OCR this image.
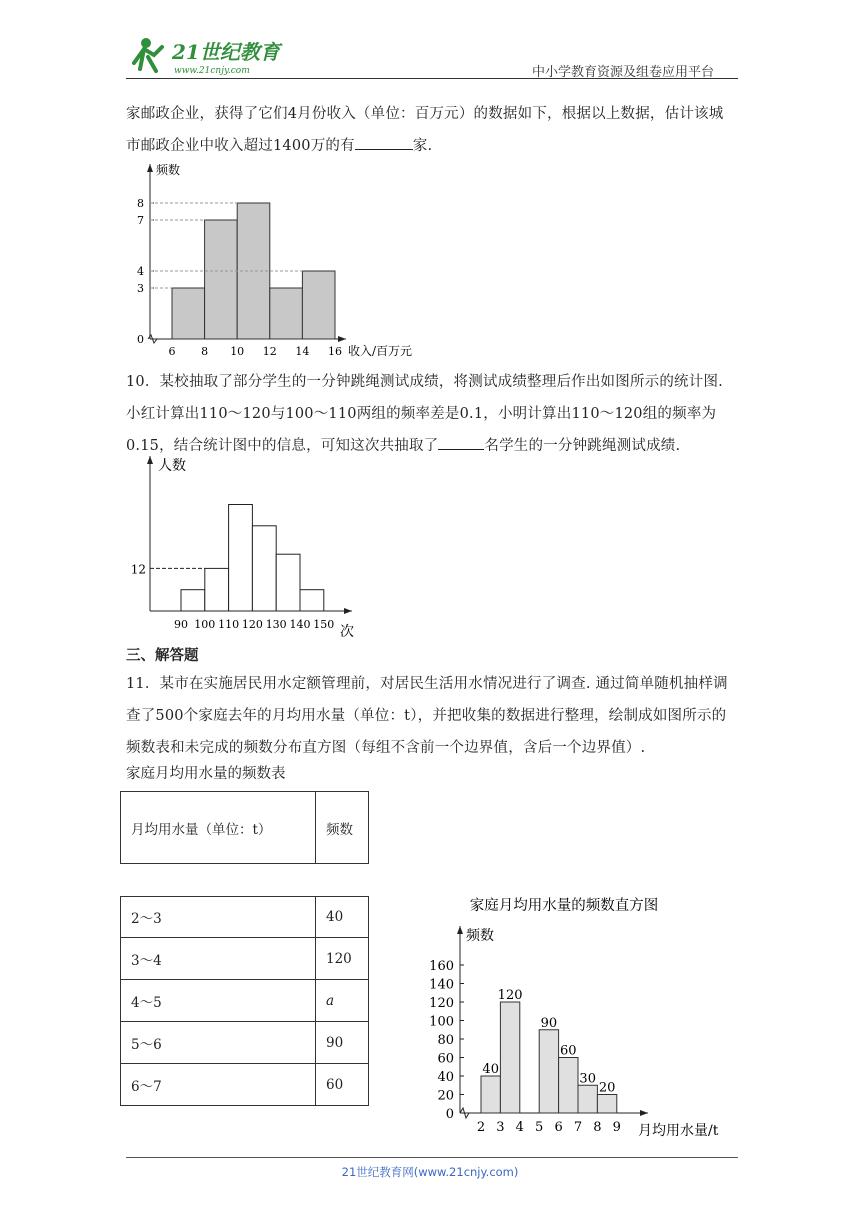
21世纪教育
www.21cnjy.com	中小学教育资源及组卷应用平台
家邮政企业，获得了它们4月份收入（单位：百万元）的数据如下，根据以上数据，估计该城市邮政企业中收入超过1400万的有	家.
频数
0
3
4
7
8
6 8 10 12 14 16 收入/百万元
10．某校抽取了部分学生的一分钟跳绳测试成绩，将测试成绩整理后作出如图所示的统计图. 小红计算出110～120与100～110两组的频率差是0.1，小明计算出110～120组的频率为0.15，结合统计图中的信息，可知这次共抽取了	名学生的一分钟跳绳测试成绩.
人数
12
90 100 110 120 130 140 150 次
三、解答题
11．某市在实施居民用水定额管理前，对居民生活用水情况进行了调查. 通过简单随机抽样调查了500个家庭去年的月均用水量（单位：t），并把收集的数据进行整理，绘制成如图所示的频数表和未完成的频数分布直方图（每组不含前一个边界值，含后一个边界值）.
家庭月均用水量的频数表
月均用水量（单位：t）	频数
2～3	40
3～4	120
4～5	a
5～6	90
6～7	60
家庭月均用水量的频数直方图
频数
0
20
40
60
80
100
120
140
160
40
120
90
60
30
20
2 3 4 5 6 7 8 9 月均用水量/t
21世纪教育网(www.21cnjy.com)
